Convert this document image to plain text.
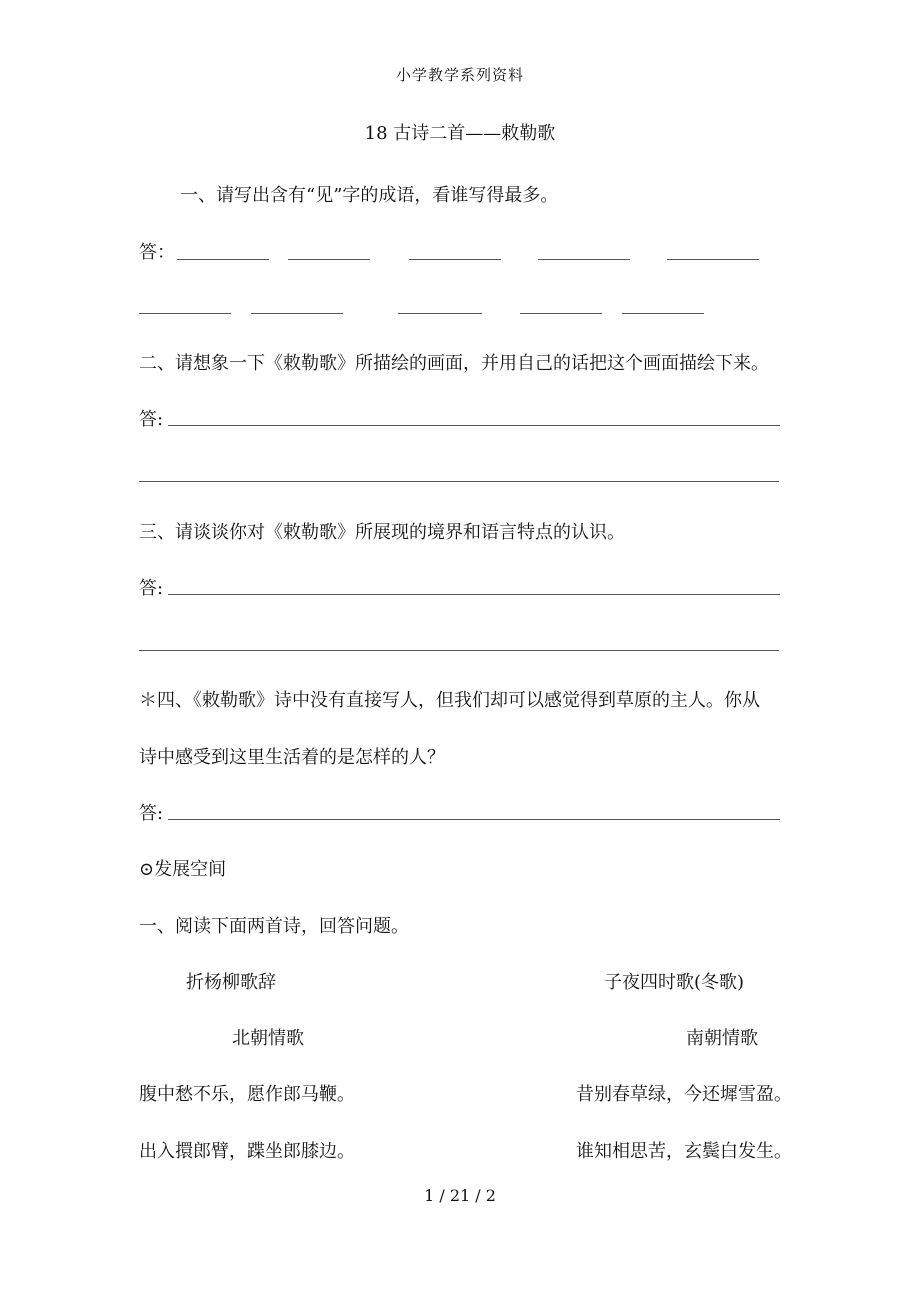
小学教学系列资料
18 古诗二首——敕勒歌
一、请写出含有“见”字的成语，看谁写得最多。
答：
二、请想象一下《敕勒歌》所描绘的画面，并用自己的话把这个画面描绘下来。
答:
三、请谈谈你对《敕勒歌》所展现的境界和语言特点的认识。
答:
＊四、《敕勒歌》诗中没有直接写人，但我们却可以感觉得到草原的主人。你从
诗中感受到这里生活着的是怎样的人？
答:
⊙发展空间
一、阅读下面两首诗，回答问题。
折杨柳歌辞
北朝情歌
腹中愁不乐，愿作郎马鞭。
出入擐郎臂，蹀坐郎膝边。
子夜四时歌(冬歌)
南朝情歌
昔别春草绿，今还墀雪盈。
谁知相思苦，玄鬓白发生。
1 / 21 / 2
